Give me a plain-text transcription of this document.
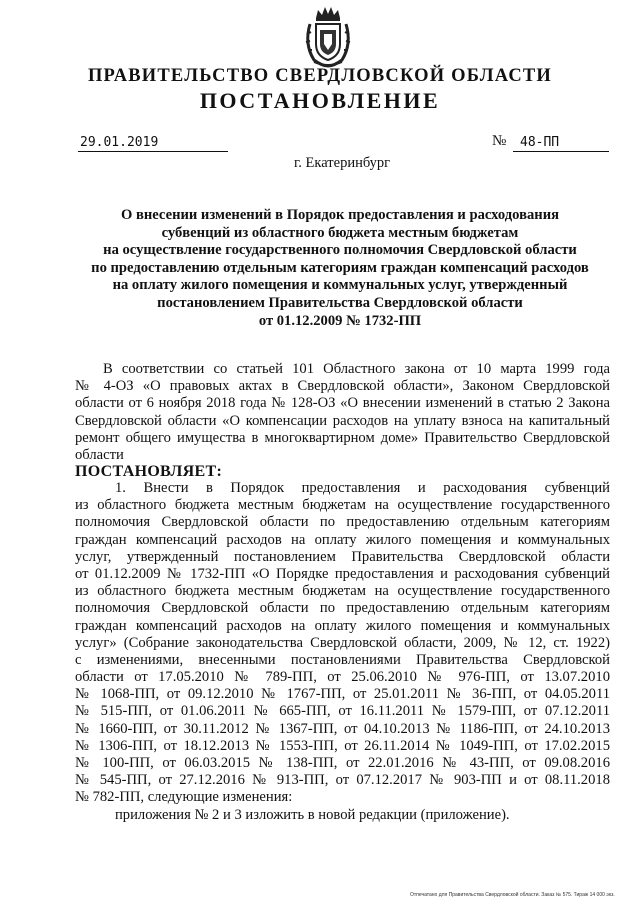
ПРАВИТЕЛЬСТВО СВЕРДЛОВСКОЙ ОБЛАСТИ
ПОСТАНОВЛЕНИЕ
29.01.2019	№ 48-ПП
г. Екатеринбург
О внесении изменений в Порядок предоставления и расходования
субвенций из областного бюджета местным бюджетам
на осуществление государственного полномочия Свердловской области
по предоставлению отдельным категориям граждан компенсаций расходов
на оплату жилого помещения и коммунальных услуг, утвержденный
постановлением Правительства Свердловской области
от 01.12.2009 № 1732-ПП
В соответствии со статьей 101 Областного закона от 10 марта 1999 года
№ 4-ОЗ «О правовых актах в Свердловской области», Законом Свердловской
области от 6 ноября 2018 года № 128-ОЗ «О внесении изменений в статью 2 Закона
Свердловской области «О компенсации расходов на уплату взноса на капитальный
ремонт общего имущества в многоквартирном доме» Правительство Свердловской
области
ПОСТАНОВЛЯЕТ:
1. Внести в Порядок предоставления и расходования субвенций
из областного бюджета местным бюджетам на осуществление государственного
полномочия Свердловской области по предоставлению отдельным категориям
граждан компенсаций расходов на оплату жилого помещения и коммунальных
услуг, утвержденный постановлением Правительства Свердловской области
от 01.12.2009 № 1732-ПП «О Порядке предоставления и расходования субвенций
из областного бюджета местным бюджетам на осуществление государственного
полномочия Свердловской области по предоставлению отдельным категориям
граждан компенсаций расходов на оплату жилого помещения и коммунальных
услуг» (Собрание законодательства Свердловской области, 2009, № 12, ст. 1922)
с изменениями, внесенными постановлениями Правительства Свердловской
области от 17.05.2010 № 789-ПП, от 25.06.2010 № 976-ПП, от 13.07.2010
№ 1068-ПП, от 09.12.2010 № 1767-ПП, от 25.01.2011 № 36-ПП, от 04.05.2011
№ 515-ПП, от 01.06.2011 № 665-ПП, от 16.11.2011 № 1579-ПП, от 07.12.2011
№ 1660-ПП, от 30.11.2012 № 1367-ПП, от 04.10.2013 № 1186-ПП, от 24.10.2013
№ 1306-ПП, от 18.12.2013 № 1553-ПП, от 26.11.2014 № 1049-ПП, от 17.02.2015
№ 100-ПП, от 06.03.2015 № 138-ПП, от 22.01.2016 № 43-ПП, от 09.08.2016
№ 545-ПП, от 27.12.2016 № 913-ПП, от 07.12.2017 № 903-ПП и от 08.11.2018
№ 782-ПП, следующие изменения:
приложения № 2 и 3 изложить в новой редакции (приложение).
Отпечатано для Правительства Свердловской области. Заказ № 575. Тираж 14 000 экз.
